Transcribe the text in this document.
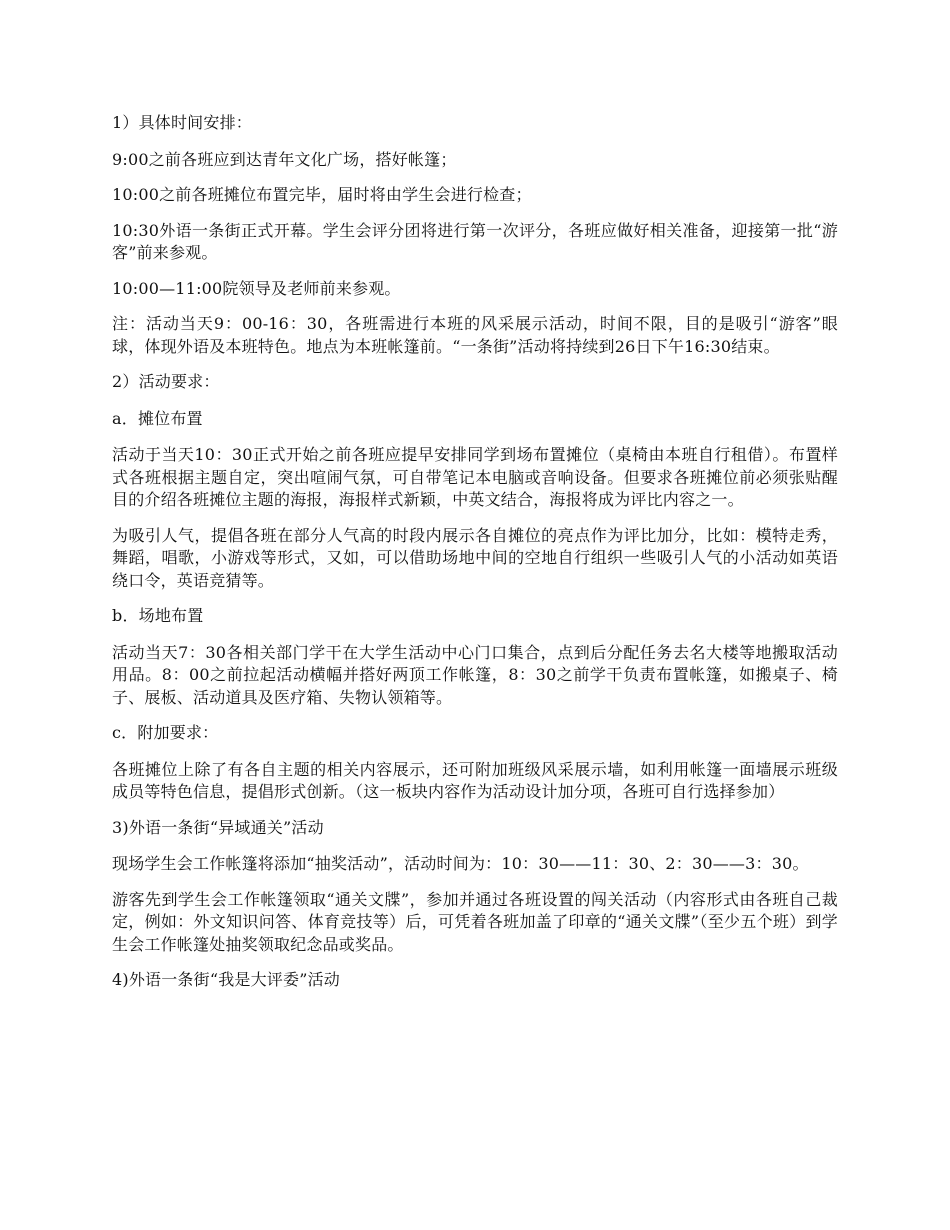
1）具体时间安排：

9:00之前各班应到达青年文化广场，搭好帐篷；

10:00之前各班摊位布置完毕，届时将由学生会进行检查；

10:30外语一条街正式开幕。学生会评分团将进行第一次评分，各班应做好相关准备，迎接第一批“游客”前来参观。

10:00—11:00院领导及老师前来参观。

注：活动当天9：00-16：30，各班需进行本班的风采展示活动，时间不限，目的是吸引“游客”眼球，体现外语及本班特色。地点为本班帐篷前。“一条街”活动将持续到26日下午16:30结束。

2）活动要求：

a．摊位布置

活动于当天10：30正式开始之前各班应提早安排同学到场布置摊位（桌椅由本班自行租借）。布置样式各班根据主题自定，突出喧闹气氛，可自带笔记本电脑或音响设备。但要求各班摊位前必须张贴醒目的介绍各班摊位主题的海报，海报样式新颖，中英文结合，海报将成为评比内容之一。

为吸引人气，提倡各班在部分人气高的时段内展示各自摊位的亮点作为评比加分，比如：模特走秀，舞蹈，唱歌，小游戏等形式，又如，可以借助场地中间的空地自行组织一些吸引人气的小活动如英语绕口令，英语竞猜等。

b．场地布置

活动当天7：30各相关部门学干在大学生活动中心门口集合，点到后分配任务去名大楼等地搬取活动用品。8：00之前拉起活动横幅并搭好两顶工作帐篷，8：30之前学干负责布置帐篷，如搬桌子、椅子、展板、活动道具及医疗箱、失物认领箱等。

c．附加要求：

各班摊位上除了有各自主题的相关内容展示，还可附加班级风采展示墙，如利用帐篷一面墙展示班级成员等特色信息，提倡形式创新。（这一板块内容作为活动设计加分项，各班可自行选择参加）

3)外语一条街“异域通关”活动

现场学生会工作帐篷将添加“抽奖活动”，活动时间为：10：30——11：30、2：30——3：30。

游客先到学生会工作帐篷领取“通关文牒”，参加并通过各班设置的闯关活动（内容形式由各班自己裁定，例如：外文知识问答、体育竞技等）后，可凭着各班加盖了印章的“通关文牒”（至少五个班）到学生会工作帐篷处抽奖领取纪念品或奖品。

4)外语一条街“我是大评委”活动
